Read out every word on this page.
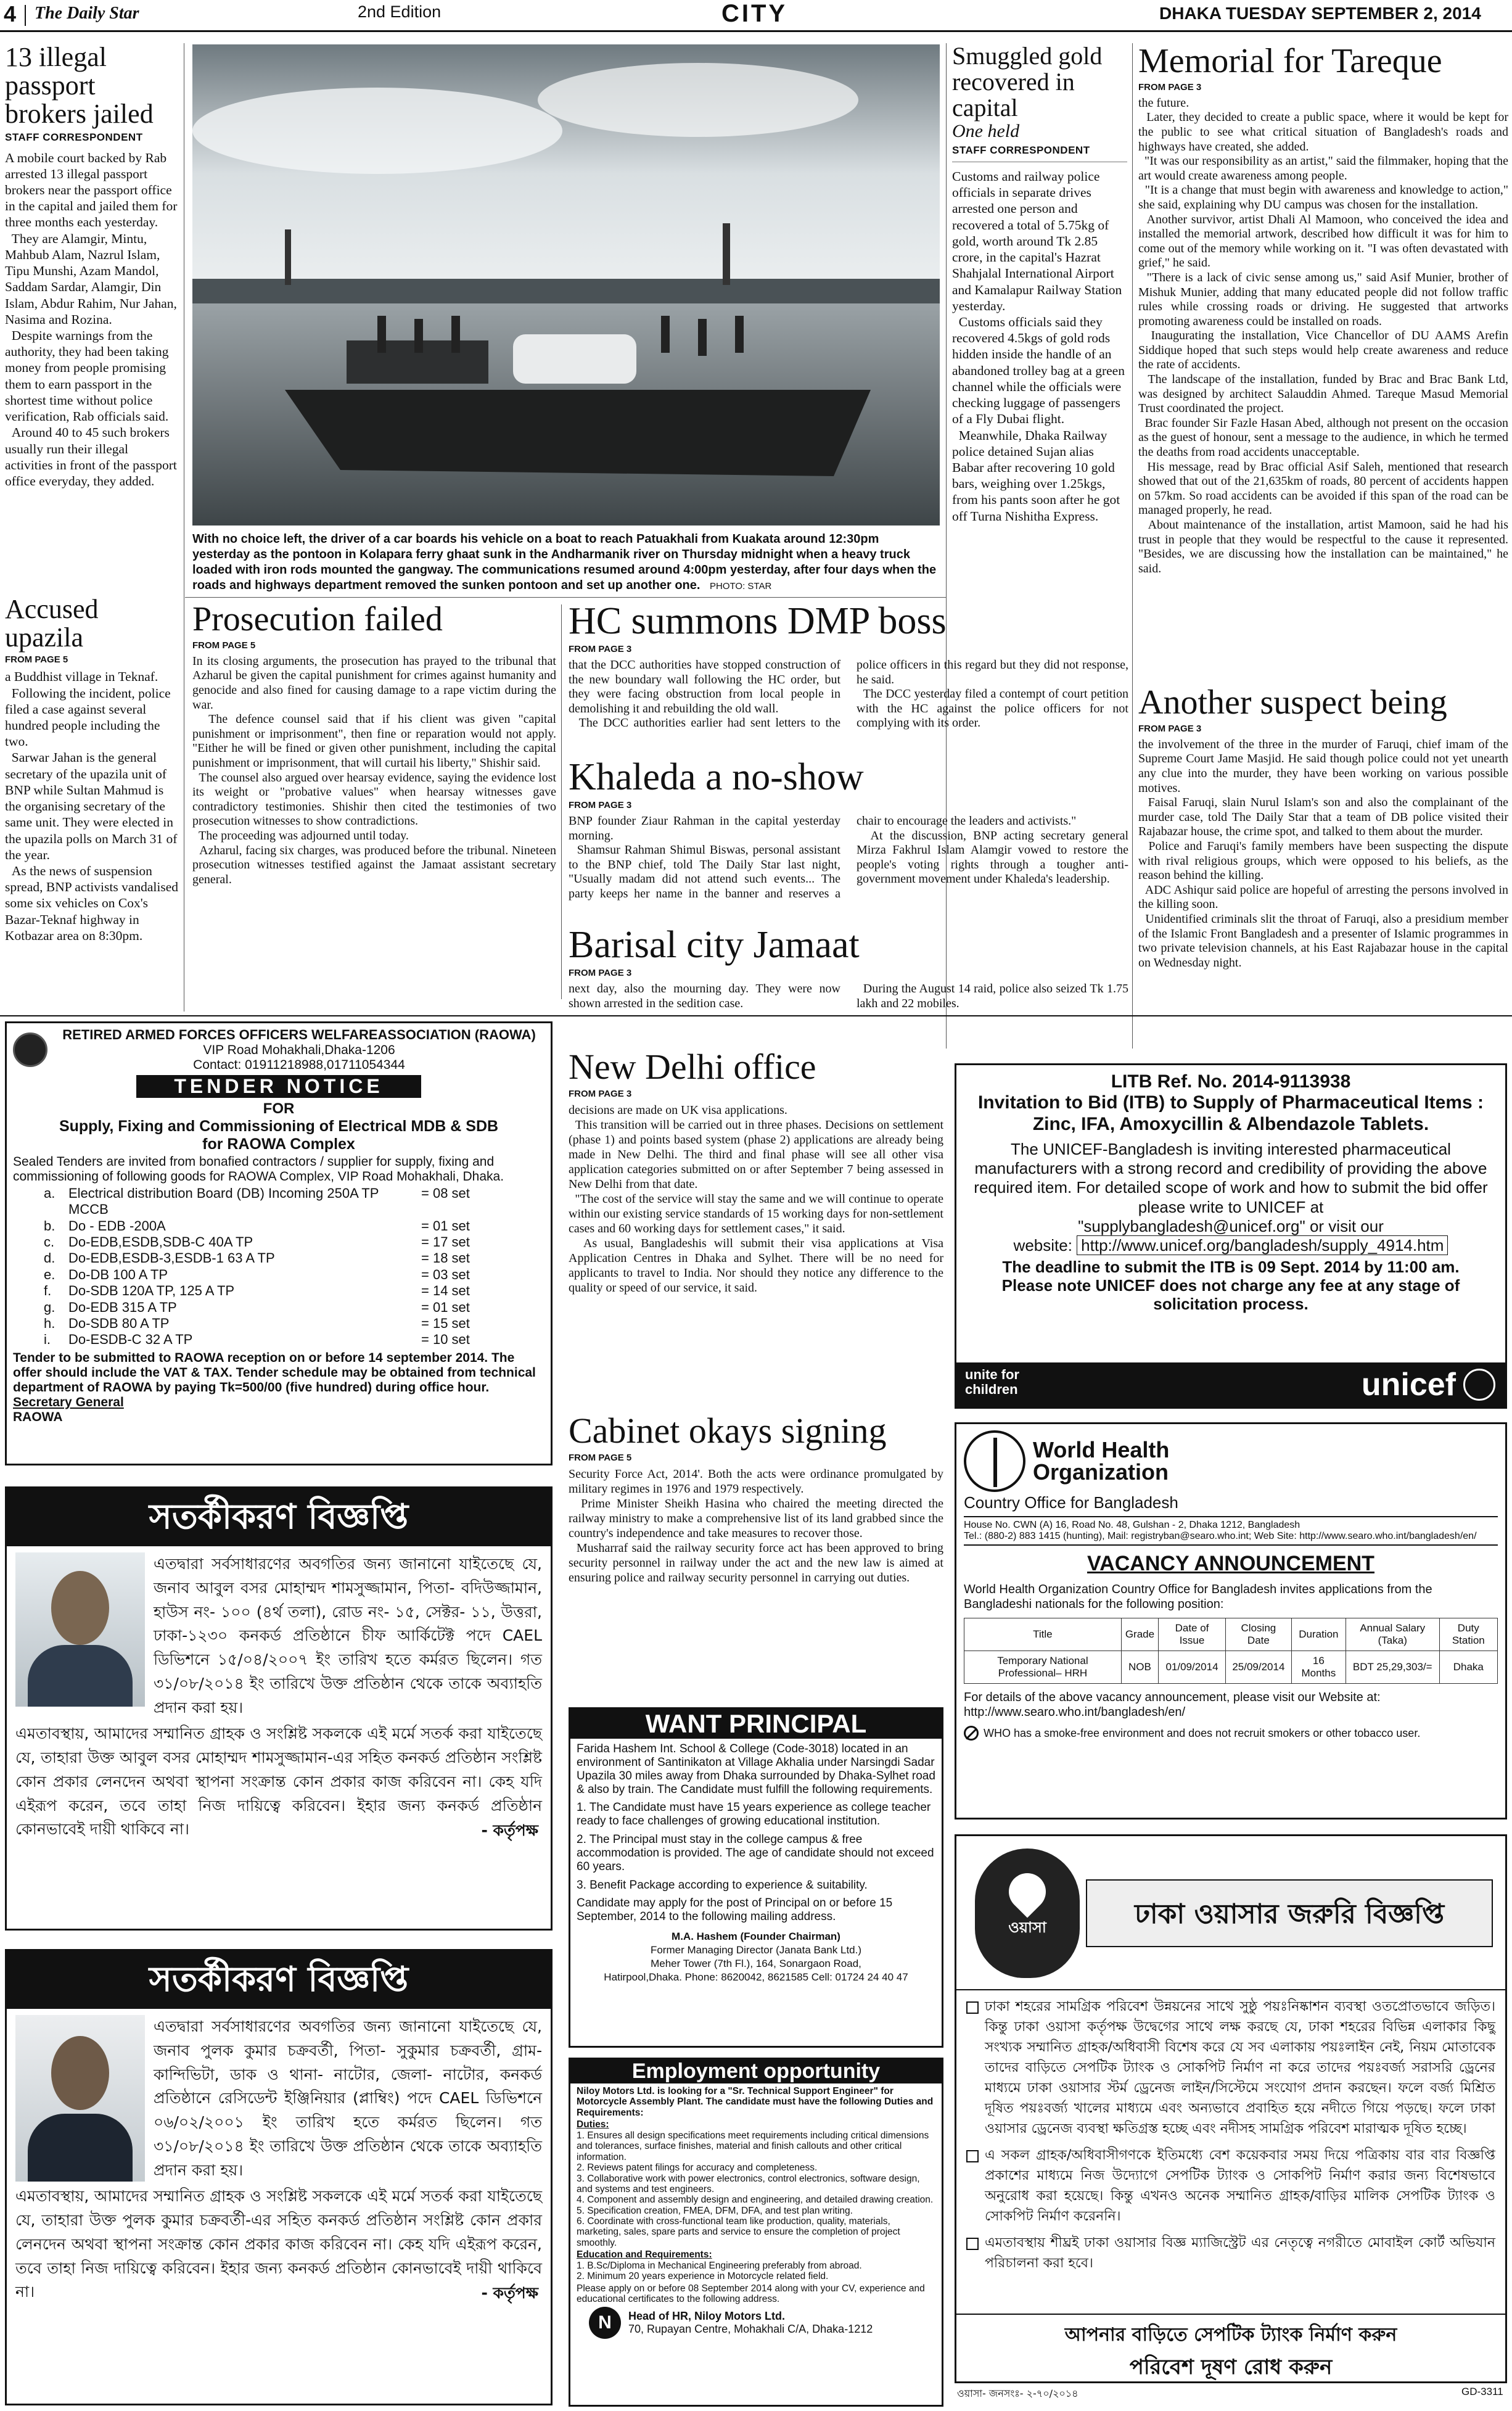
4 The Daily Star	2nd Edition	CITY	DHAKA TUESDAY SEPTEMBER 2, 2014
13 illegal passport brokers jailed
STAFF CORRESPONDENT
A mobile court backed by Rab arrested 13 illegal passport brokers near the passport office in the capital and jailed them for three months each yesterday.
They are Alamgir, Mintu, Mahbub Alam, Nazrul Islam, Tipu Munshi, Azam Mandol, Saddam Sardar, Alamgir, Din Islam, Abdur Rahim, Nur Jahan, Nasima and Rozina.
Despite warnings from the authority, they had been taking money from people promising them to earn passport in the shortest time without police verification, Rab officials said.
Around 40 to 45 such brokers usually run their illegal activities in front of the passport office everyday, they added.
With no choice left, the driver of a car boards his vehicle on a boat to reach Patuakhali from Kuakata around 12:30pm yesterday as the pontoon in Kolapara ferry ghaat sunk in the Andharmanik river on Thursday midnight when a heavy truck loaded with iron rods mounted the gangway. The communications resumed around 4:00pm yesterday, after four days when the roads and highways department removed the sunken pontoon and set up another one. PHOTO: STAR
Smuggled gold recovered in capital
One held
STAFF CORRESPONDENT
Customs and railway police officials in separate drives arrested one person and recovered a total of 5.75kg of gold, worth around Tk 2.85 crore, in the capital's Hazrat Shahjalal International Airport and Kamalapur Railway Station yesterday.
Customs officials said they recovered 4.5kgs of gold rods hidden inside the handle of an abandoned trolley bag at a green channel while the officials were checking luggage of passengers of a Fly Dubai flight.
Meanwhile, Dhaka Railway police detained Sujan alias Babar after recovering 10 gold bars, weighing over 1.25kgs, from his pants soon after he got off Turna Nishitha Express.
Memorial for Tareque
FROM PAGE 3
the future.
Later, they decided to create a public space, where it would be kept for the public to see what critical situation of Bangladesh's roads and highways have created, she added.
"It was our responsibility as an artist," said the filmmaker, hoping that the art would create awareness among people.
"It is a change that must begin with awareness and knowledge to action," she said, explaining why DU campus was chosen for the installation.
Another survivor, artist Dhali Al Mamoon, who conceived the idea and installed the memorial artwork, described how difficult it was for him to come out of the memory while working on it. "I was often devastated with grief," he said.
"There is a lack of civic sense among us," said Asif Munier, brother of Mishuk Munier, adding that many educated people did not follow traffic rules while crossing roads or driving. He suggested that artworks promoting awareness could be installed on roads.
Inaugurating the installation, Vice Chancellor of DU AAMS Arefin Siddique hoped that such steps would help create awareness and reduce the rate of accidents.
The landscape of the installation, funded by Brac and Brac Bank Ltd, was designed by architect Salauddin Ahmed. Tareque Masud Memorial Trust coordinated the project.
Brac founder Sir Fazle Hasan Abed, although not present on the occasion as the guest of honour, sent a message to the audience, in which he termed the deaths from road accidents unacceptable.
His message, read by Brac official Asif Saleh, mentioned that research showed that out of the 21,635km of roads, 80 percent of accidents happen on 57km. So road accidents can be avoided if this span of the road can be managed properly, he read.
About maintenance of the installation, artist Mamoon, said he had his trust in people that they would be respectful to the cause it represented. "Besides, we are discussing how the installation can be maintained," he said.
Another suspect being
FROM PAGE 3
the involvement of the three in the murder of Faruqi, chief imam of the Supreme Court Jame Masjid. He said though police could not yet unearth any clue into the murder, they have been working on various possible motives.
Faisal Faruqi, slain Nurul Islam's son and also the complainant of the murder case, told The Daily Star that a team of DB police visited their Rajabazar house, the crime spot, and talked to them about the murder.
Police and Faruqi's family members have been suspecting the dispute with rival religious groups, which were opposed to his beliefs, as the reason behind the killing.
ADC Ashiqur said police are hopeful of arresting the persons involved in the killing soon.
Unidentified criminals slit the throat of Faruqi, also a presidium member of the Islamic Front Bangladesh and a presenter of Islamic programmes in two private television channels, at his East Rajabazar house in the capital on Wednesday night.
Accused upazila
FROM PAGE 5
a Buddhist village in Teknaf.
Following the incident, police filed a case against several hundred people including the two.
Sarwar Jahan is the general secretary of the upazila unit of BNP while Sultan Mahmud is the organising secretary of the same unit. They were elected in the upazila polls on March 31 of the year.
As the news of suspension spread, BNP activists vandalised some six vehicles on Cox's Bazar-Teknaf highway in Kotbazar area on 8:30pm.
Prosecution failed
FROM PAGE 5
In its closing arguments, the prosecution has prayed to the tribunal that Azharul be given the capital punishment for crimes against humanity and genocide and also fined for causing damage to a rape victim during the war.
The defence counsel said that if his client was given "capital punishment or imprisonment", then fine or reparation would not apply. "Either he will be fined or given other punishment, including the capital punishment or imprisonment, that will curtail his liberty," Shishir said.
The counsel also argued over hearsay evidence, saying the evidence lost its weight or "probative values" when hearsay witnesses gave contradictory testimonies. Shishir then cited the testimonies of two prosecution witnesses to show contradictions.
The proceeding was adjourned until today.
Azharul, facing six charges, was produced before the tribunal. Nineteen prosecution witnesses testified against the Jamaat assistant secretary general.
HC summons DMP boss
FROM PAGE 3
that the DCC authorities have stopped construction of the new boundary wall following the HC order, but they were facing obstruction from local people in demolishing it and rebuilding the old wall.
The DCC authorities earlier had sent letters to the police officers in this regard but they did not response, he said.
The DCC yesterday filed a contempt of court petition with the HC against the police officers for not complying with its order.
Khaleda a no-show
FROM PAGE 3
BNP founder Ziaur Rahman in the capital yesterday morning.
Shamsur Rahman Shimul Biswas, personal assistant to the BNP chief, told The Daily Star last night, "Usually madam did not attend such events... The party keeps her name in the banner and reserves a chair to encourage the leaders and activists."
At the discussion, BNP acting secretary general Mirza Fakhrul Islam Alamgir vowed to restore the people's voting rights through a tougher anti-government movement under Khaleda's leadership.
Barisal city Jamaat
FROM PAGE 3
next day, also the mourning day. They were now shown arrested in the sedition case.
During the August 14 raid, police also seized Tk 1.75 lakh and 22 mobiles.
RETIRED ARMED FORCES OFFICERS WELFAREASSOCIATION (RAOWA)
VIP Road Mohakhali,Dhaka-1206
Contact: 01911218988,01711054344
TENDER NOTICE
FOR
Supply, Fixing and Commissioning of Electrical MDB & SDB for RAOWA Complex
Sealed Tenders are invited from bonafied contractors / supplier for supply, fixing and commissioning of following goods for RAOWA Complex, VIP Road Mohakhali, Dhaka.
a. Electrical distribution Board (DB) Incoming 250A TP MCCB
= 08 set
b. Do - EDB -200A	= 01 set
c.	Do-EDB,ESDB,SDB-C 40A TP	= 17 set
d. Do-EDB,ESDB-3,ESDB-1 63 A TP	= 18 set
e. Do-DB 100 A TP	= 03 set
f.	Do-SDB 120A TP, 125 A TP	= 14 set
g. Do-EDB 315 A TP	= 01 set
h. Do-SDB 80 A TP	= 15 set
i.	Do-ESDB-C 32 A TP	= 10 set
Tender to be submitted to RAOWA reception on or before 14 september 2014. The offer should include the VAT & TAX. Tender schedule may be obtained from technical department of RAOWA by paying Tk=500/00 (five hundred) during office hour.
Secretary General
RAOWA
সতর্কীকরণ বিজ্ঞপ্তি
এতদ্বারা সর্বসাধারণের অবগতির জন্য জানানো যাইতেছে যে, জনাব আবুল বসর মোহাম্মদ শামসুজ্জামান, পিতা- বদিউজ্জামান, হাউস নং- ১০০ (৪র্থ তলা), রোড নং- ১৫, সেক্টর- ১১, উত্তরা, ঢাকা-১২৩০ কনকর্ড প্রতিষ্ঠানে চীফ আর্কিটেক্ট পদে CAEL ডিভিশনে ১৫/০৪/২০০৭ ইং তারিখ হতে কর্মরত ছিলেন। গত ৩১/০৮/২০১৪ ইং তারিখে উক্ত প্রতিষ্ঠান থেকে তাকে অব্যাহতি প্রদান করা হয়।
এমতাবস্থায়, আমাদের সম্মানিত গ্রাহক ও সংশ্লিষ্ট সকলকে এই মর্মে সতর্ক করা যাইতেছে যে, তাহারা উক্ত আবুল বসর মোহাম্মদ শামসুজ্জামান-এর সহিত কনকর্ড প্রতিষ্ঠান সংশ্লিষ্ট কোন প্রকার লেনদেন অথবা স্থাপনা সংক্রান্ত কোন প্রকার কাজ করিবেন না। কেহ যদি এইরূপ করেন, তবে তাহা নিজ দায়িত্বে করিবেন। ইহার জন্য কনকর্ড প্রতিষ্ঠান কোনভাবেই দায়ী থাকিবে না।	- কর্তৃপক্ষ
সতর্কীকরণ বিজ্ঞপ্তি
এতদ্বারা সর্বসাধারণের অবগতির জন্য জানানো যাইতেছে যে, জনাব পুলক কুমার চক্রবর্তী, পিতা- সুকুমার চক্রবর্তী, গ্রাম- কান্দিভিটা, ডাক ও থানা- নাটোর, জেলা- নাটোর, কনকর্ড প্রতিষ্ঠানে রেসিডেন্ট ইঞ্জিনিয়ার (প্লাম্বিং) পদে CAEL ডিভিশনে ০৬/০২/২০০১ ইং তারিখ হতে কর্মরত ছিলেন। গত ৩১/০৮/২০১৪ ইং তারিখে উক্ত প্রতিষ্ঠান থেকে তাকে অব্যাহতি প্রদান করা হয়।
এমতাবস্থায়, আমাদের সম্মানিত গ্রাহক ও সংশ্লিষ্ট সকলকে এই মর্মে সতর্ক করা যাইতেছে যে, তাহারা উক্ত পুলক কুমার চক্রবর্তী-এর সহিত কনকর্ড প্রতিষ্ঠান সংশ্লিষ্ট কোন প্রকার লেনদেন অথবা স্থাপনা সংক্রান্ত কোন প্রকার কাজ করিবেন না। কেহ যদি এইরূপ করেন, তবে তাহা নিজ দায়িত্বে করিবেন। ইহার জন্য কনকর্ড প্রতিষ্ঠান কোনভাবেই দায়ী থাকিবে না।	- কর্তৃপক্ষ
New Delhi office
FROM PAGE 3
decisions are made on UK visa applications.
This transition will be carried out in three phases. Decisions on settlement (phase 1) and points based system (phase 2) applications are already being made in New Delhi. The third and final phase will see all other visa application categories submitted on or after September 7 being assessed in New Delhi from that date.
"The cost of the service will stay the same and we will continue to operate within our existing service standards of 15 working days for non-settlement cases and 60 working days for settlement cases," it said.
As usual, Bangladeshis will submit their visa applications at Visa Application Centres in Dhaka and Sylhet. There will be no need for applicants to travel to India. Nor should they notice any difference to the quality or speed of our service, it said.
Cabinet okays signing
FROM PAGE 5
Security Force Act, 2014'. Both the acts were ordinance promulgated by military regimes in 1976 and 1979 respectively.
Prime Minister Sheikh Hasina who chaired the meeting directed the railway ministry to make a comprehensive list of its land grabbed since the country's independence and take measures to recover those.
Musharraf said the railway security force act has been approved to bring security personnel in railway under the act and the new law is aimed at ensuring police and railway security personnel in carrying out duties.
WANT PRINCIPAL
Farida Hashem Int. School & College (Code-3018) located in an environment of Santinikaton at Village Akhalia under Narsingdi Sadar Upazila 30 miles away from Dhaka surrounded by Dhaka-Sylhet road & also by train. The Candidate must fulfill the following requirements.
1. The Candidate must have 15 years experience as college teacher ready to face challenges of growing educational institution.
2. The Principal must stay in the college campus & free accommodation is provided. The age of candidate should not exceed 60 years.
3. Benefit Package according to experience & suitability.
Candidate may apply for the post of Principal on or before 15 September, 2014 to the following mailing address.
M.A. Hashem (Founder Chairman)
Former Managing Director (Janata Bank Ltd.)
Meher Tower (7th Fl.), 164, Sonargaon Road,
Hatirpool,Dhaka. Phone: 8620042, 8621585 Cell: 01724 24 40 47
Employment opportunity
Niloy Motors Ltd. is looking for a "Sr. Technical Support Engineer" for Motorcycle Assembly Plant. The candidate must have the following Duties and Requirements:
Duties:
1. Ensures all design specifications meet requirements including critical dimensions and tolerances, surface finishes, material and finish callouts and other critical information.
2. Reviews patent filings for accuracy and completeness.
3. Collaborative work with power electronics, control electronics, software design, and systems and test engineers.
4. Component and assembly design and engineering, and detailed drawing creation.
5. Specification creation, FMEA, DFM, DFA, and test plan writing.
6. Coordinate with cross-functional team like production, quality, materials, marketing, sales, spare parts and service to ensure the completion of project smoothly.
Education and Requirements:
1. B.Sc/Diploma in Mechanical Engineering preferably from abroad.
2. Minimum 20 years experience in Motorcycle related field.
Please apply on or before 08 September 2014 along with your CV, experience and educational certificates to the following address.
N	Head of HR, Niloy Motors Ltd.
70, Rupayan Centre, Mohakhali C/A, Dhaka-1212
LITB Ref. No. 2014-9113938
Invitation to Bid (ITB) to Supply of Pharmaceutical Items : Zinc, IFA, Amoxycillin & Albendazole Tablets.
The UNICEF-Bangladesh is inviting interested pharmaceutical manufacturers with a strong record and credibility of providing the above required item. For detailed scope of work and how to submit the bid offer please write to UNICEF at
"supplybangladesh@unicef.org" or visit our
website: http://www.unicef.org/bangladesh/supply_4914.htm
The deadline to submit the ITB is 09 Sept. 2014 by 11:00 am.
Please note UNICEF does not charge any fee at any stage of solicitation process.
unite for
children	unicef
World Health
Organization
Country Office for Bangladesh
House No. CWN (A) 16, Road No. 48, Gulshan - 2, Dhaka 1212, Bangladesh
Tel.: (880-2) 883 1415 (hunting), Mail: registryban@searo.who.int; Web Site: http://www.searo.who.int/bangladesh/en/
VACANCY ANNOUNCEMENT
World Health Organization Country Office for Bangladesh invites applications from the Bangladeshi nationals for the following position:
Title	Grade	Date of Issue	Closing Date	Duration	Annual Salary (Taka)	Duty Station
Temporary National Professional– HRH	NOB	01/09/2014	25/09/2014	16 Months	BDT 25,29,303/=	Dhaka
For details of the above vacancy announcement, please visit our Website at: http://www.searo.who.int/bangladesh/en/
WHO has a smoke-free environment and does not recruit smokers or other tobacco user.
ওয়াসা	ঢাকা ওয়াসার জরুরি বিজ্ঞপ্তি
ঢাকা শহরের সামগ্রিক পরিবেশ উন্নয়নের সাথে সুষ্ঠু পয়ঃনিষ্কাশন ব্যবস্থা ওতপ্রোতভাবে জড়িত। কিন্তু ঢাকা ওয়াসা কর্তৃপক্ষ উদ্বেগের সাথে লক্ষ করছে যে, ঢাকা শহরের বিভিন্ন এলাকার কিছু সংখ্যক সম্মানিত গ্রাহক/অধিবাসী বিশেষ করে যে সব এলাকায় পয়ঃলাইন নেই, নিয়ম মোতাবেক তাদের বাড়িতে সেপটিক ট্যাংক ও সোকপিট নির্মাণ না করে তাদের পয়ঃবর্জ্য সরাসরি ড্রেনের মাধ্যমে ঢাকা ওয়াসার স্টর্ম ড্রেনেজ লাইন/সিস্টেমে সংযোগ প্রদান করছেন। ফলে বর্জ্য মিশ্রিত দূষিত পয়ঃবর্জ্য খালের মাধ্যমে এবং অন্যভাবে প্রবাহিত হয়ে নদীতে গিয়ে পড়ছে। ফলে ঢাকা ওয়াসার ড্রেনেজ ব্যবস্থা ক্ষতিগ্রস্ত হচ্ছে এবং নদীসহ সামগ্রিক পরিবেশ মারাত্মক দূষিত হচ্ছে।
এ সকল গ্রাহক/অধিবাসীগণকে ইতিমধ্যে বেশ কয়েকবার সময় দিয়ে পত্রিকায় বার বার বিজ্ঞপ্তি প্রকাশের মাধ্যমে নিজ উদ্যোগে সেপটিক ট্যাংক ও সোকপিট নির্মাণ করার জন্য বিশেষভাবে অনুরোধ করা হয়েছে। কিন্তু এখনও অনেক সম্মানিত গ্রাহক/বাড়ির মালিক সেপটিক ট্যাংক ও সোকপিট নির্মাণ করেননি।
এমতাবস্থায় শীঘ্রই ঢাকা ওয়াসার বিজ্ঞ ম্যাজিস্ট্রেট এর নেতৃত্বে নগরীতে মোবাইল কোর্ট অভিযান পরিচালনা করা হবে।
আপনার বাড়িতে সেপটিক ট্যাংক নির্মাণ করুন
পরিবেশ দূষণ রোধ করুন
ওয়াসা- জনসংঃ- ২-৭০/২০১৪	GD-3311
